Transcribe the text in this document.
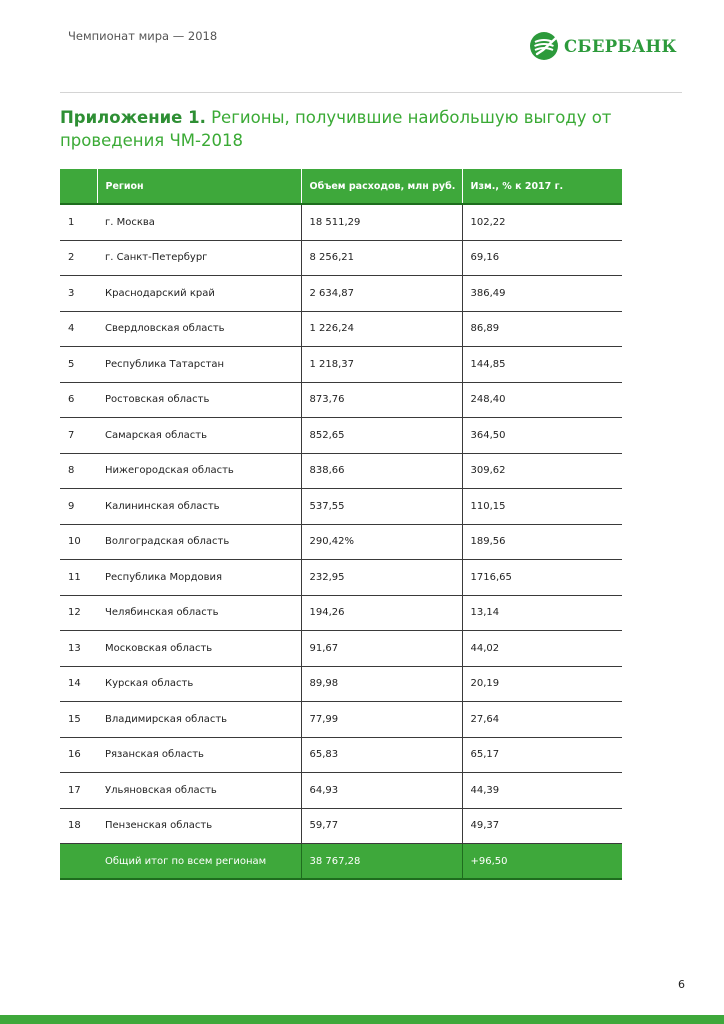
Чемпионат мира — 2018
СБЕРБАНК
Приложение 1. Регионы, получившие наибольшую выгоду от проведения ЧМ-2018
	Регион	Объем расходов, млн руб.	Изм., % к 2017 г.
1	г. Москва	18 511,29	102,22
2	г. Санкт-Петербург	8 256,21	69,16
3	Краснодарский край	2 634,87	386,49
4	Свердловская область	1 226,24	86,89
5	Республика Татарстан	1 218,37	144,85
6	Ростовская область	873,76	248,40
7	Самарская область	852,65	364,50
8	Нижегородская область	838,66	309,62
9	Калининская область	537,55	110,15
10	Волгоградская область	290,42%	189,56
11	Республика Мордовия	232,95	1716,65
12	Челябинская область	194,26	13,14
13	Московская область	91,67	44,02
14	Курская область	89,98	20,19
15	Владимирская область	77,99	27,64
16	Рязанская область	65,83	65,17
17	Ульяновская область	64,93	44,39
18	Пензенская область	59,77	49,37
	Общий итог по всем регионам	38 767,28	+96,50
6
